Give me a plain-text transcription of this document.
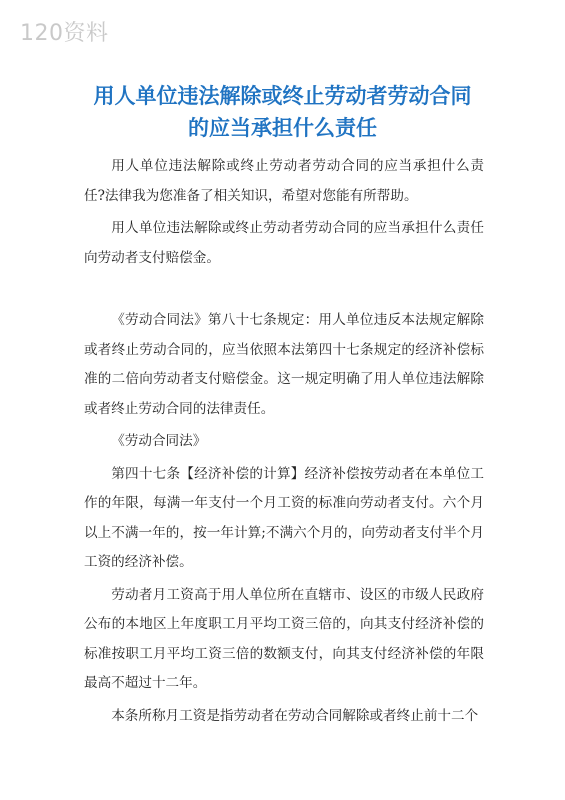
120资料
用人单位违法解除或终止劳动者劳动合同
的应当承担什么责任

用人单位违法解除或终止劳动者劳动合同的应当承担什么责任?法律我为您准备了相关知识，希望对您能有所帮助。

用人单位违法解除或终止劳动者劳动合同的应当承担什么责任向劳动者支付赔偿金。

《劳动合同法》第八十七条规定：用人单位违反本法规定解除或者终止劳动合同的，应当依照本法第四十七条规定的经济补偿标准的二倍向劳动者支付赔偿金。这一规定明确了用人单位违法解除或者终止劳动合同的法律责任。

《劳动合同法》

第四十七条【经济补偿的计算】经济补偿按劳动者在本单位工作的年限，每满一年支付一个月工资的标准向劳动者支付。六个月以上不满一年的，按一年计算;不满六个月的，向劳动者支付半个月工资的经济补偿。

劳动者月工资高于用人单位所在直辖市、设区的市级人民政府公布的本地区上年度职工月平均工资三倍的，向其支付经济补偿的标准按职工月平均工资三倍的数额支付，向其支付经济补偿的年限最高不超过十二年。

本条所称月工资是指劳动者在劳动合同解除或者终止前十二个
